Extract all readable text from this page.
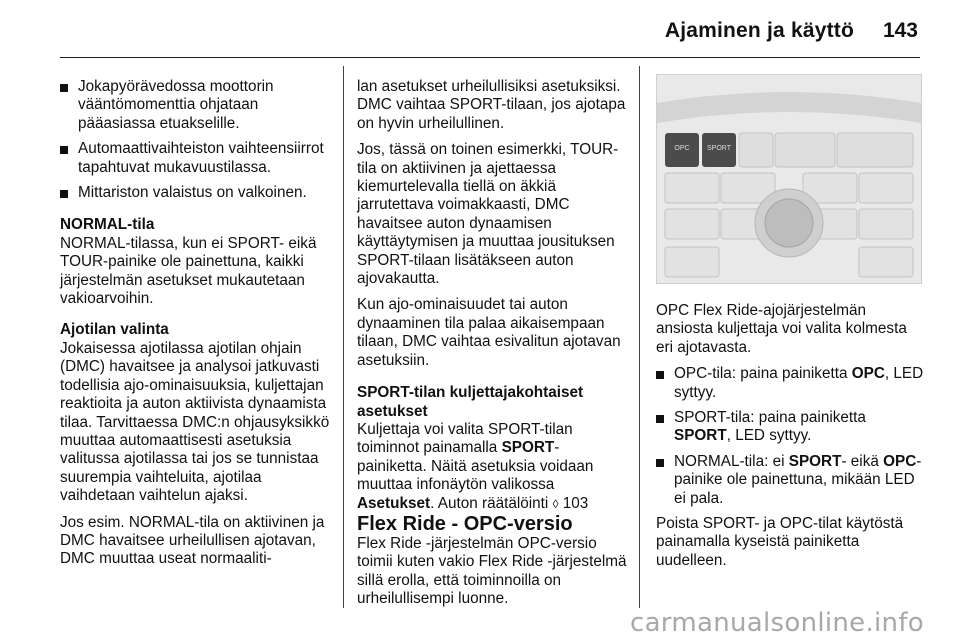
Ajaminen ja käyttö 143
Jokapyörävedossa moottorin vääntömomenttia ohjataan pääasiassa etuakselille.
Automaattivaihteiston vaihteensiirrot tapahtuvat mukavuustilassa.
Mittariston valaistus on valkoinen.

NORMAL-tila

NORMAL-tilassa, kun ei SPORT- eikä TOUR-painike ole painettuna, kaikki järjestelmän asetukset mukautetaan vakioarvoihin.

Ajotilan valinta

Jokaisessa ajotilassa ajotilan ohjain (DMC) havaitsee ja analysoi jatkuvasti todellisia ajo-ominaisuuksia, kuljettajan reaktioita ja auton aktiivista dynaamista tilaa. Tarvittaessa DMC:n ohjausyksikkö muuttaa automaattisesti asetuksia valitussa ajotilassa tai jos se tunnistaa suurempia vaihteluita, ajotilaa vaihdetaan vaihtelun ajaksi.

Jos esim. NORMAL-tila on aktiivinen ja DMC havaitsee urheilullisen ajotavan, DMC muuttaa useat normaaliti-

lan asetukset urheilullisiksi asetuksiksi. DMC vaihtaa SPORT-tilaan, jos ajotapa on hyvin urheilullinen.

Jos, tässä on toinen esimerkki, TOUR-tila on aktiivinen ja ajettaessa kiemurtelevalla tiellä on äkkiä jarrutettava voimakkaasti, DMC havaitsee auton dynaamisen käyttäytymisen ja muuttaa jousituksen SPORT-tilaan lisätäkseen auton ajovakautta.

Kun ajo-ominaisuudet tai auton dynaaminen tila palaa aikaisempaan tilaan, DMC vaihtaa esivalitun ajotavan asetuksiin.

SPORT-tilan kuljettajakohtaiset asetukset

Kuljettaja voi valita SPORT-tilan toiminnot painamalla SPORT-painiketta. Näitä asetuksia voidaan muuttaa infonäytön valikossa Asetukset. Auton räätälöinti ◊ 103

Flex Ride - OPC-versio

Flex Ride -järjestelmän OPC-versio toimii kuten vakio Flex Ride -järjestelmä sillä erolla, että toiminnoilla on urheilullisempi luonne.

OPC SPORT

OPC Flex Ride-ajojärjestelmän ansiosta kuljettaja voi valita kolmesta eri ajotavasta.

OPC-tila: paina painiketta OPC, LED syttyy.
SPORT-tila: paina painiketta SPORT, LED syttyy.
NORMAL-tila: ei SPORT- eikä OPC-painike ole painettuna, mikään LED ei pala.

Poista SPORT- ja OPC-tilat käytöstä painamalla kyseistä painiketta uudelleen.

carmanualsonline.info
